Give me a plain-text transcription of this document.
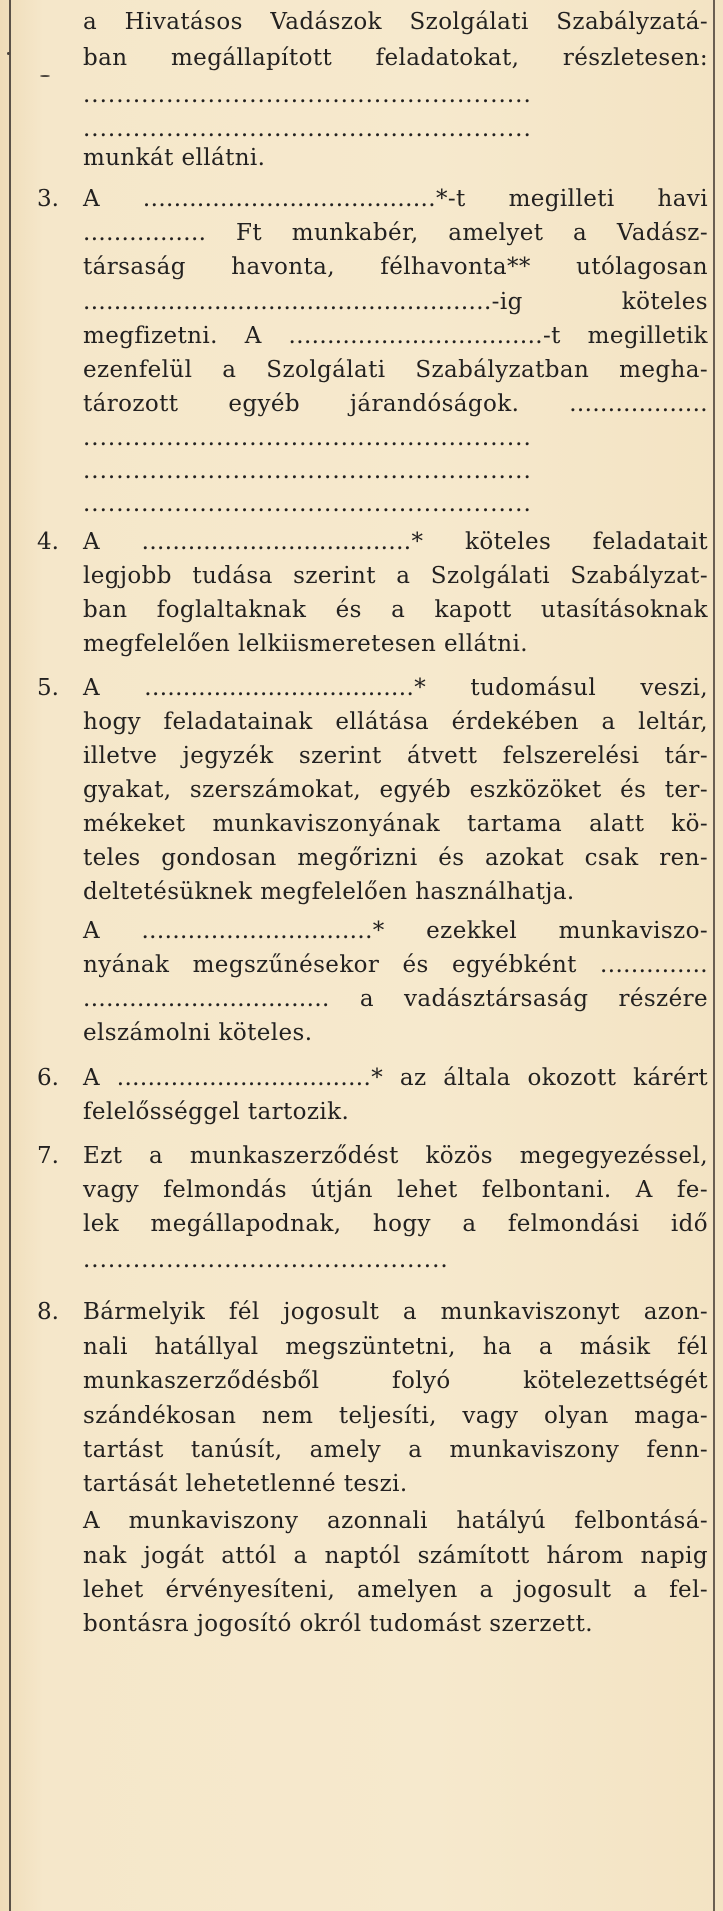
a Hivatásos Vadászok Szolgálati Szabályzatá-
ban megállapított feladatokat, részletesen:
......................................................
......................................................
munkát ellátni.
3. A ......................................*-t megilleti havi
................ Ft munkabér, amelyet a Vadász-
társaság havonta, félhavonta** utólagosan
.....................................................-ig köteles
megfizetni. A .................................-t megilletik
ezenfelül a Szolgálati Szabályzatban megha-
tározott egyéb járandóságok. ..................
......................................................
......................................................
......................................................
4. A ...................................* köteles feladatait
legjobb tudása szerint a Szolgálati Szabályzat-
ban foglaltaknak és a kapott utasításoknak
megfelelően lelkiismeretesen ellátni.
5. A ...................................* tudomásul veszi,
hogy feladatainak ellátása érdekében a leltár,
illetve jegyzék szerint átvett felszerelési tár-
gyakat, szerszámokat, egyéb eszközöket és ter-
mékeket munkaviszonyának tartama alatt kö-
teles gondosan megőrizni és azokat csak ren-
deltetésüknek megfelelően használhatja.
A ..............................* ezekkel munkaviszo-
nyának megszűnésekor és egyébként ..............
................................ a vadásztársaság részére
elszámolni köteles.
6. A .................................* az általa okozott kárért
felelősséggel tartozik.
7. Ezt a munkaszerződést közös megegyezéssel,
vagy felmondás útján lehet felbontani. A fe-
lek megállapodnak, hogy a felmondási idő
............................................
8. Bármelyik fél jogosult a munkaviszonyt azon-
nali hatállyal megszüntetni, ha a másik fél
munkaszerződésből folyó kötelezettségét
szándékosan nem teljesíti, vagy olyan maga-
tartást tanúsít, amely a munkaviszony fenn-
tartását lehetetlenné teszi.
A munkaviszony azonnali hatályú felbontásá-
nak jogát attól a naptól számított három napig
lehet érvényesíteni, amelyen a jogosult a fel-
bontásra jogosító okról tudomást szerzett.
